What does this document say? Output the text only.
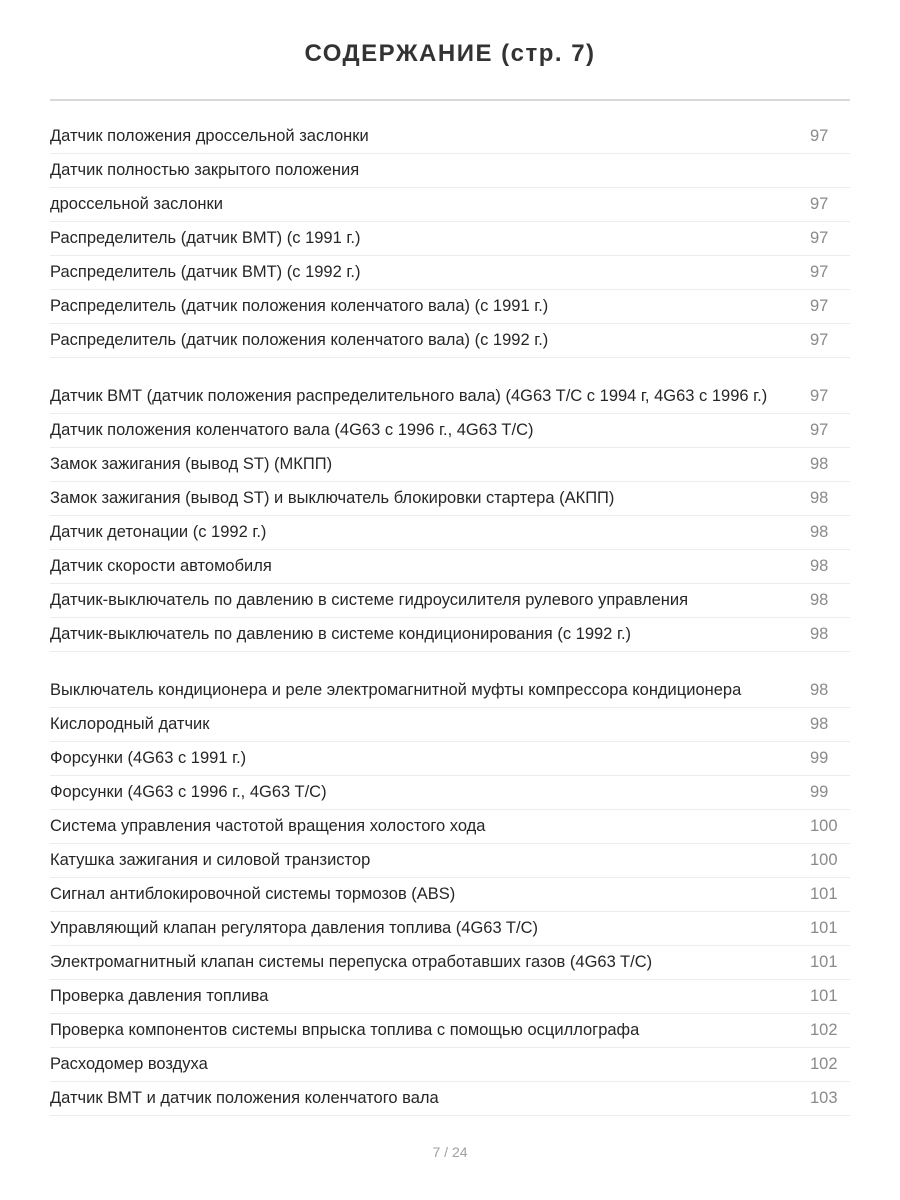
СОДЕРЖАНИЕ (стр. 7)
Датчик положения дроссельной заслонки	97
Датчик полностью закрытого положения
дроссельной заслонки	97
Распределитель (датчик ВМТ) (с 1991 г.)	97
Распределитель (датчик ВМТ) (с 1992 г.)	97
Распределитель (датчик положения коленчатого вала) (с 1991 г.)	97
Распределитель (датчик положения коленчатого вала) (с 1992 г.)	97
Датчик ВМТ (датчик положения распределительного вала) (4G63 T/C с 1994 г, 4G63 с 1996 г.)	97
Датчик положения коленчатого вала (4G63 с 1996 г., 4G63 T/C)	97
Замок зажигания (вывод ST) (МКПП)	98
Замок зажигания (вывод ST) и выключатель блокировки стартера (АКПП)	98
Датчик детонации (с 1992 г.)	98
Датчик скорости автомобиля	98
Датчик-выключатель по давлению в системе гидроусилителя рулевого управления	98
Датчик-выключатель по давлению в системе кондиционирования (с 1992 г.)	98
Выключатель кондиционера и реле электромагнитной муфты компрессора кондиционера	98
Кислородный датчик	98
Форсунки (4G63 с 1991 г.)	99
Форсунки (4G63 с 1996 г., 4G63 T/C)	99
Система управления частотой вращения холостого хода	100
Катушка зажигания и силовой транзистор	100
Сигнал антиблокировочной системы тормозов (ABS)	101
Управляющий клапан регулятора давления топлива (4G63 T/C)	101
Электромагнитный клапан системы перепуска отработавших газов (4G63 T/C)	101
Проверка давления топлива	101
Проверка компонентов системы впрыска топлива с помощью осциллографа	102
Расходомер воздуха	102
Датчик ВМТ и датчик положения коленчатого вала	103
7 / 24
